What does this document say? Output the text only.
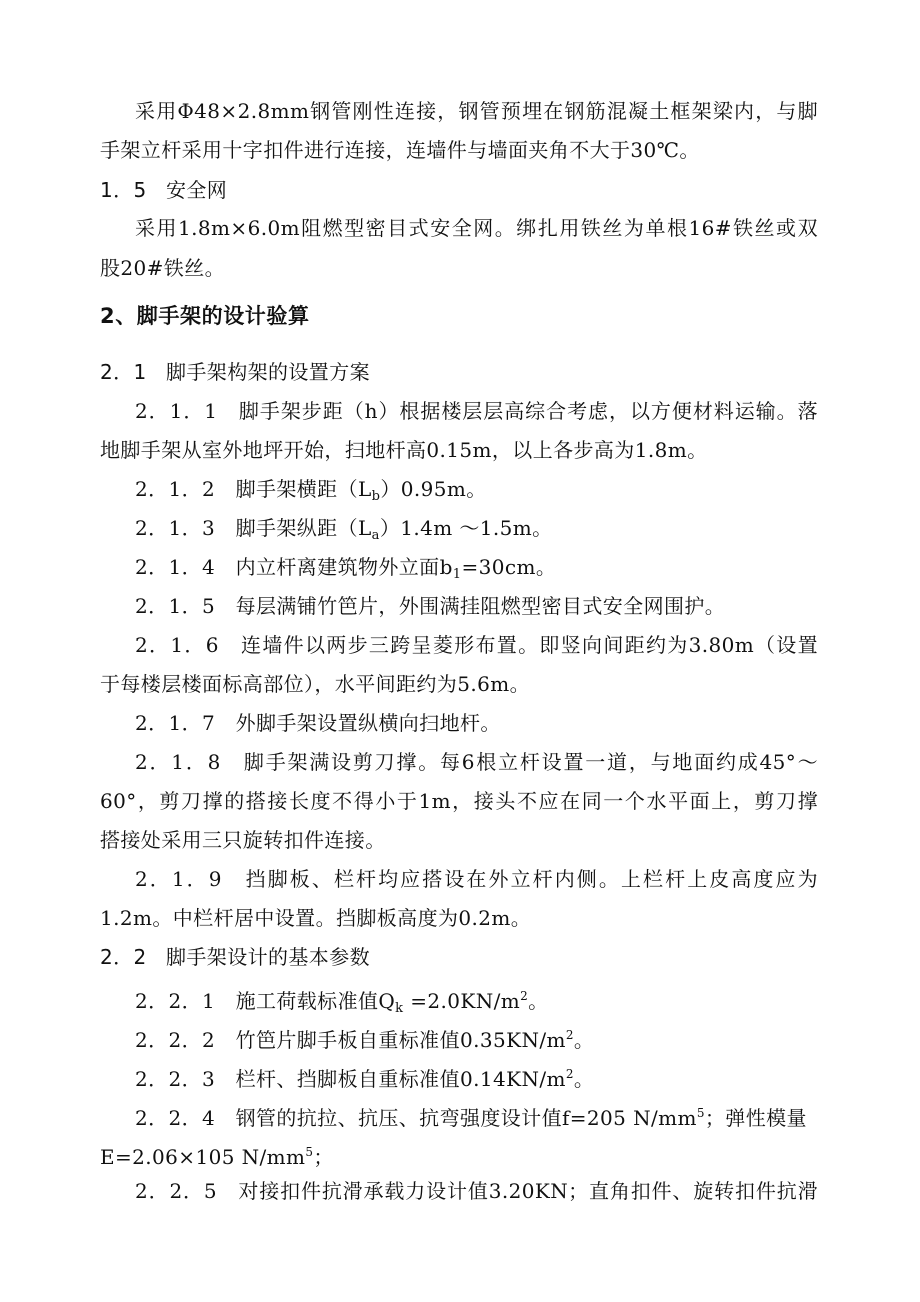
采用Φ48×2.8mm钢管刚性连接，钢管预埋在钢筋混凝土框架梁内，与脚
手架立杆采用十字扣件进行连接，连墙件与墙面夹角不大于30℃。
1．5 安全网
采用1.8m×6.0m阻燃型密目式安全网。绑扎用铁丝为单根16#铁丝或双
股20#铁丝。
2、脚手架的设计验算
2．1 脚手架构架的设置方案
2．1．1　脚手架步距（h）根据楼层层高综合考虑，以方便材料运输。落
地脚手架从室外地坪开始，扫地杆高0.15m，以上各步高为1.8m。
2．1．2　脚手架横距$(L_b)0.95m$。
2．1．3　脚手架纵距$(L_a)1.4m$ ～1.5m。
2．1．4　内立杆离建筑物外立面$b_1=30cm$。
2．1．5　每层满铺竹笆片，外围满挂阻燃型密目式安全网围护。
2．1．6　连墙件以两步三跨呈菱形布置。即竖向间距约为3.80m（设置
于每楼层楼面标高部位），水平间距约为5.6m。
2．1．7　外脚手架设置纵横向扫地杆。
2．1．8　脚手架满设剪刀撑。每6根立杆设置一道，与地面约成45°～
60°，剪刀撑的搭接长度不得小于1m，接头不应在同一个水平面上，剪刀撑
搭接处采用三只旋转扣件连接。
2．1．9　挡脚板、栏杆均应搭设在外立杆内侧。上栏杆上皮高度应为
1.2m。中栏杆居中设置。挡脚板高度为0.2m。
2．2 脚手架设计的基本参数
2．2．1　施工荷载标准值$Q_k =2.0KN/m^2$。
2．2．2　竹笆片脚手板自重标准值$0.35KN/m^2$。
2．2．3　栏杆、挡脚板自重标准值$0.14KN/m^2$。
2．2．4　钢管的抗拉、抗压、抗弯强度设计值f=205 $N/mm^5$；弹性模量
E=2.06×105 $N/mm^5$；
2．2．5　对接扣件抗滑承载力设计值3.20KN；直角扣件、旋转扣件抗滑
